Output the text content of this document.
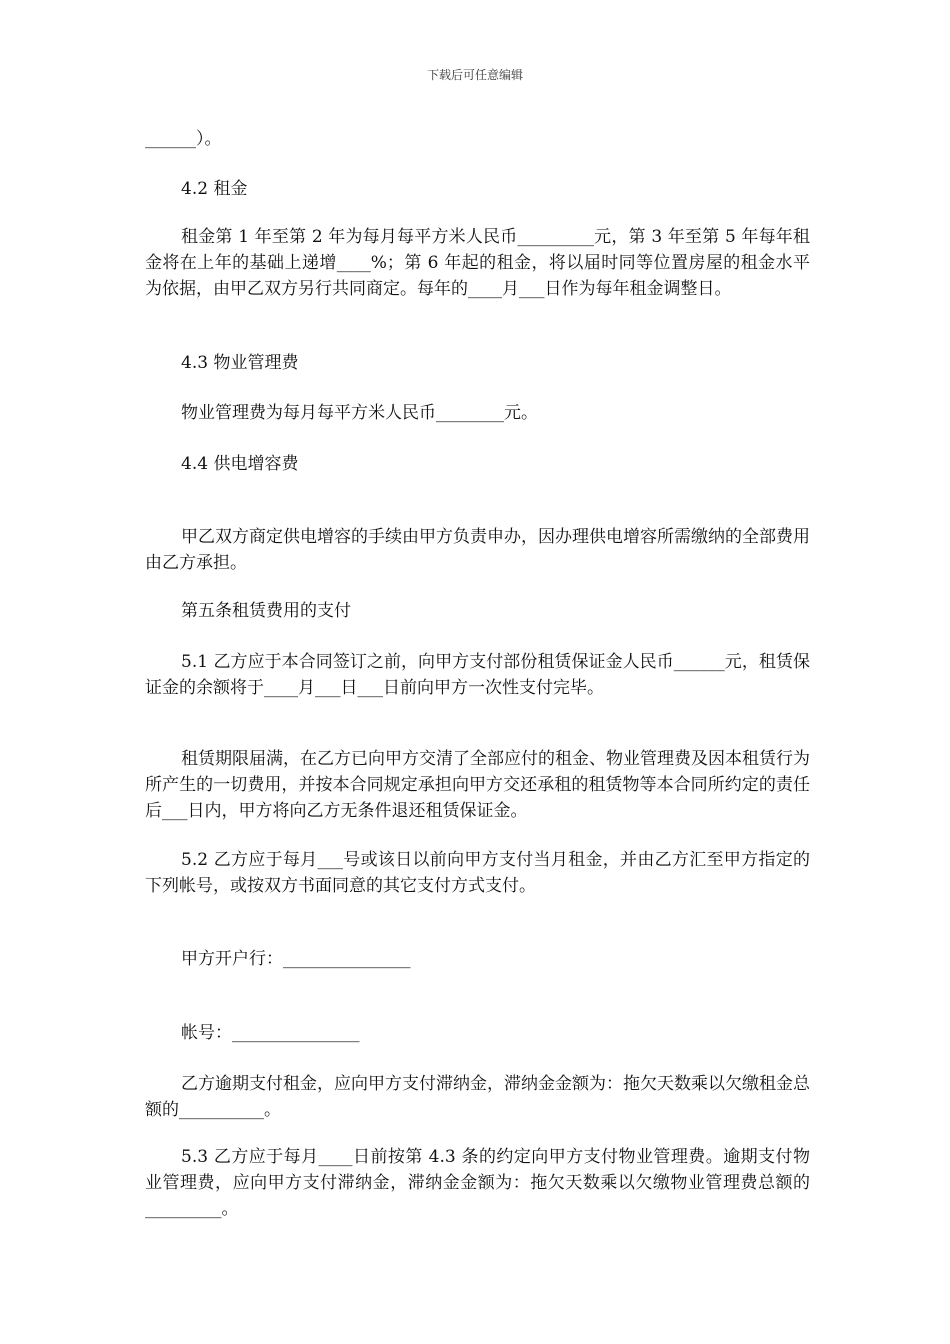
下载后可任意编辑

______）。

4.2 租金

租金第 1 年至第 2 年为每月每平方米人民币_________元，第 3 年至第 5 年每年租金将在上年的基础上递增____%；第 6 年起的租金，将以届时同等位置房屋的租金水平为依据，由甲乙双方另行共同商定。每年的____月___日作为每年租金调整日。

4.3 物业管理费

物业管理费为每月每平方米人民币________元。

4.4 供电增容费

甲乙双方商定供电增容的手续由甲方负责申办，因办理供电增容所需缴纳的全部费用由乙方承担。

第五条租赁费用的支付

5.1 乙方应于本合同签订之前，向甲方支付部份租赁保证金人民币______元，租赁保证金的余额将于____月___日___日前向甲方一次性支付完毕。

租赁期限届满，在乙方已向甲方交清了全部应付的租金、物业管理费及因本租赁行为所产生的一切费用，并按本合同规定承担向甲方交还承租的租赁物等本合同所约定的责任后___日内，甲方将向乙方无条件退还租赁保证金。

5.2 乙方应于每月___号或该日以前向甲方支付当月租金，并由乙方汇至甲方指定的下列帐号，或按双方书面同意的其它支付方式支付。

甲方开户行：_______________

帐号：_______________

乙方逾期支付租金，应向甲方支付滞纳金，滞纳金金额为：拖欠天数乘以欠缴租金总额的__________。

5.3 乙方应于每月____日前按第 4.3 条的约定向甲方支付物业管理费。逾期支付物业管理费，应向甲方支付滞纳金，滞纳金金额为：拖欠天数乘以欠缴物业管理费总额的_________。
